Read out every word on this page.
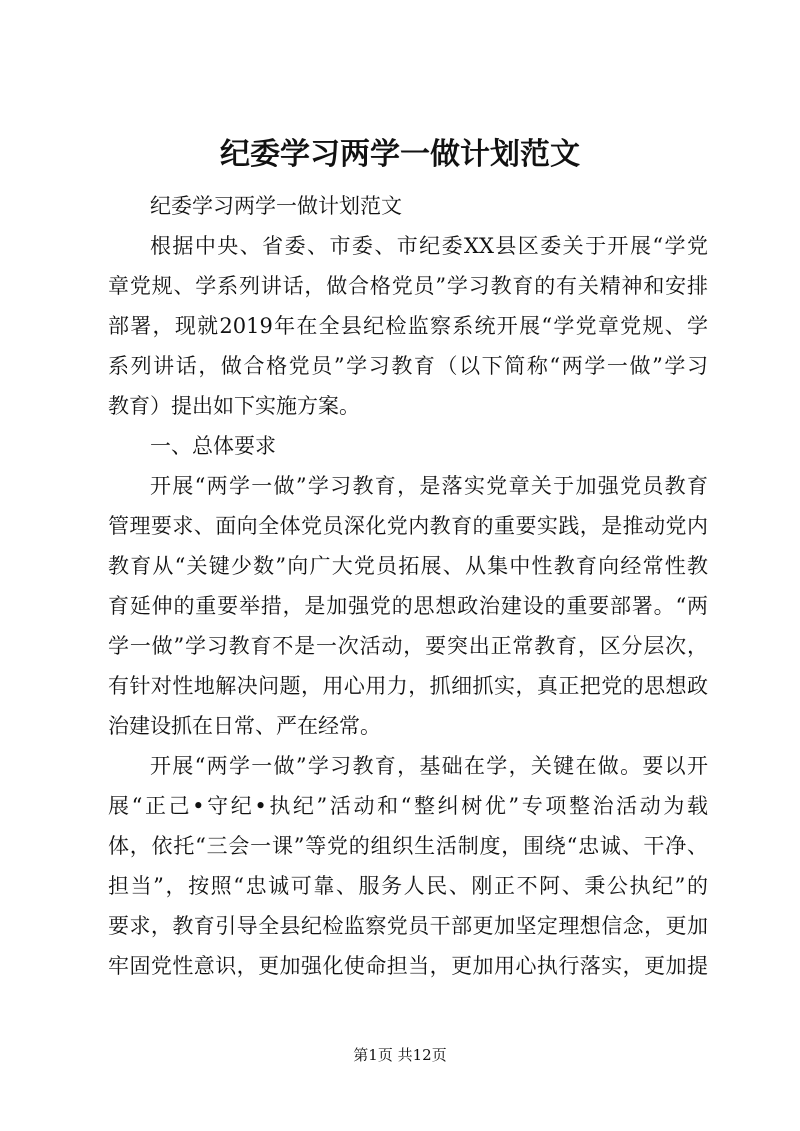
纪委学习两学一做计划范文

纪委学习两学一做计划范文

根据中央、省委、市委、市纪委XX县区委关于开展“学党
章党规、学系列讲话，做合格党员”学习教育的有关精神和安排
部署，现就2019年在全县纪检监察系统开展“学党章党规、学
系列讲话，做合格党员”学习教育（以下简称“两学一做”学习
教育）提出如下实施方案。

一、总体要求

开展“两学一做”学习教育，是落实党章关于加强党员教育
管理要求、面向全体党员深化党内教育的重要实践，是推动党内
教育从“关键少数”向广大党员拓展、从集中性教育向经常性教
育延伸的重要举措，是加强党的思想政治建设的重要部署。“两
学一做”学习教育不是一次活动，要突出正常教育，区分层次，
有针对性地解决问题，用心用力，抓细抓实，真正把党的思想政
治建设抓在日常、严在经常。

开展“两学一做”学习教育，基础在学，关键在做。要以开
展“正己•守纪•执纪”活动和“整纠树优”专项整治活动为载
体，依托“三会一课”等党的组织生活制度，围绕“忠诚、干净、
担当”，按照“忠诚可靠、服务人民、刚正不阿、秉公执纪”的
要求，教育引导全县纪检监察党员干部更加坚定理想信念，更加
牢固党性意识，更加强化使命担当，更加用心执行落实，更加提

第1页 共12页
